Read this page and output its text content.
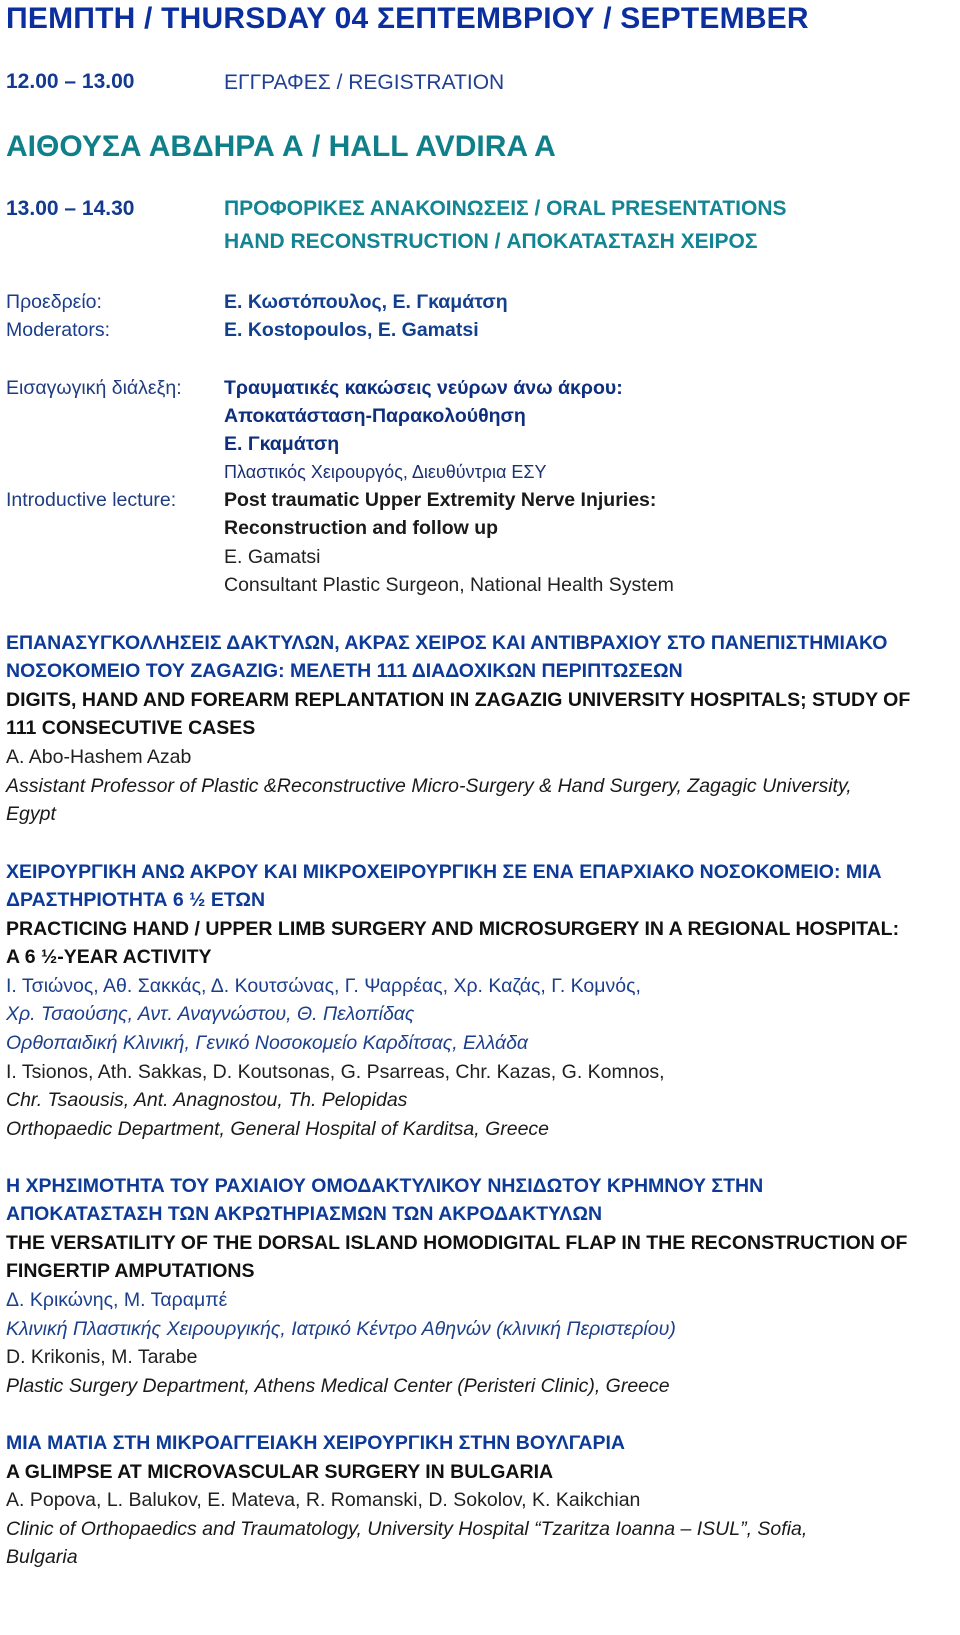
ΠΕΜΠΤΗ / THURSDAY 04 ΣΕΠΤΕΜΒΡΙΟΥ / SEPTEMBER
12.00 – 13.00	ΕΓΓΡΑΦΕΣ / REGISTRATION
ΑΙΘΟΥΣΑ ΑΒΔΗΡΑ Α / HALL AVDIRA A
13.00 – 14.30	ΠΡΟΦΟΡΙΚΕΣ ΑΝΑΚΟΙΝΩΣΕΙΣ / ORAL PRESENTATIONS
HAND RECONSTRUCTION / ΑΠΟΚΑΤΑΣΤΑΣΗ ΧΕΙΡΟΣ
Προεδρείο:	Ε. Κωστόπουλος, Ε. Γκαμάτση
Moderators:	E. Kostopoulos, E. Gamatsi
Εισαγωγική διάλεξη: Τραυματικές κακώσεις νεύρων άνω άκρου:
Αποκατάσταση-Παρακολούθηση
Ε. Γκαμάτση
Πλαστικός Χειρουργός, Διευθύντρια ΕΣΥ
Introductive lecture: Post traumatic Upper Extremity Nerve Injuries:
Reconstruction and follow up
E. Gamatsi
Consultant Plastic Surgeon, National Health System
ΕΠΑΝΑΣΥΓΚΟΛΛΗΣΕΙΣ ΔΑΚΤΥΛΩΝ, ΑΚΡΑΣ ΧΕΙΡΟΣ ΚΑΙ ΑΝΤΙΒΡΑΧΙΟΥ ΣΤΟ ΠΑΝΕΠΙΣΤΗΜΙΑΚΟ
ΝΟΣΟΚΟΜΕΙΟ ΤΟΥ ZAGAZIG: ΜΕΛΕΤΗ 111 ΔΙΑΔΟΧΙΚΩΝ ΠΕΡΙΠΤΩΣΕΩΝ
DIGITS, HAND AND FOREARM REPLANTATION IN ZAGAZIG UNIVERSITY HOSPITALS; STUDY OF
111 CONSECUTIVE CASES
A. Abo-Hashem Azab
Assistant Professor of Plastic &Reconstructive Micro-Surgery & Hand Surgery, Zagagic University,
Egypt
ΧΕΙΡΟΥΡΓΙΚΗ ΑΝΩ ΑΚΡΟΥ ΚΑΙ ΜΙΚΡΟΧΕΙΡΟΥΡΓΙΚΗ ΣΕ ΕΝΑ ΕΠΑΡΧΙΑΚΟ ΝΟΣΟΚΟΜΕΙΟ: ΜΙΑ
ΔΡΑΣΤΗΡΙΟΤΗΤΑ 6 ½ ΕΤΩΝ
PRACTICING HAND / UPPER LIMB SURGERY AND MICROSURGERY IN A REGIONAL HOSPITAL:
A 6 ½-YEAR ACTIVITY
Ι. Τσιώνος, Αθ. Σακκάς, Δ. Κουτσώνας, Γ. Ψαρρέας, Χρ. Καζάς, Γ. Κομνός,
Χρ. Τσαούσης, Αντ. Αναγνώστου, Θ. Πελοπίδας
Ορθοπαιδική Κλινική, Γενικό Νοσοκομείο Καρδίτσας, Ελλάδα
I. Tsionos, Ath. Sakkas, D. Koutsonas, G. Psarreas, Chr. Kazas, G. Komnos,
Chr. Tsaousis, Ant. Anagnostou, Th. Pelopidas
Orthopaedic Department, General Hospital of Karditsa, Greece
Η ΧΡΗΣΙΜΟΤΗΤΑ ΤΟΥ ΡΑΧΙΑΙΟΥ ΟΜΟΔΑΚΤΥΛΙΚΟΥ ΝΗΣΙΔΩΤΟΥ ΚΡΗΜΝΟΥ ΣΤΗΝ
ΑΠΟΚΑΤΑΣΤΑΣΗ ΤΩΝ ΑΚΡΩΤΗΡΙΑΣΜΩΝ ΤΩΝ ΑΚΡΟΔΑΚΤΥΛΩΝ
THE VERSATILITY OF THE DORSAL ISLAND HOMODIGITAL FLAP IN THE RECONSTRUCTION OF
FINGERTIP AMPUTATIONS
Δ. Κρικώνης, Μ. Ταραμπέ
Κλινική Πλαστικής Χειρουργικής, Ιατρικό Κέντρο Αθηνών (κλινική Περιστερίου)
D. Krikonis, M. Tarabe
Plastic Surgery Department, Athens Medical Center (Peristeri Clinic), Greece
ΜΙΑ ΜΑΤΙΑ ΣΤΗ ΜΙΚΡΟΑΓΓΕΙΑΚΗ ΧΕΙΡΟΥΡΓΙΚΗ ΣΤΗΝ ΒΟΥΛΓΑΡΙΑ
A GLIMPSE AT MICROVASCULAR SURGERY IN BULGARIA
A. Popova, L. Balukov, E. Mateva, R. Romanski, D. Sokolov, K. Kaikchian
Clinic of Orthopaedics and Traumatology, University Hospital “Tzaritza Ioanna – ISUL”, Sofia,
Bulgaria
